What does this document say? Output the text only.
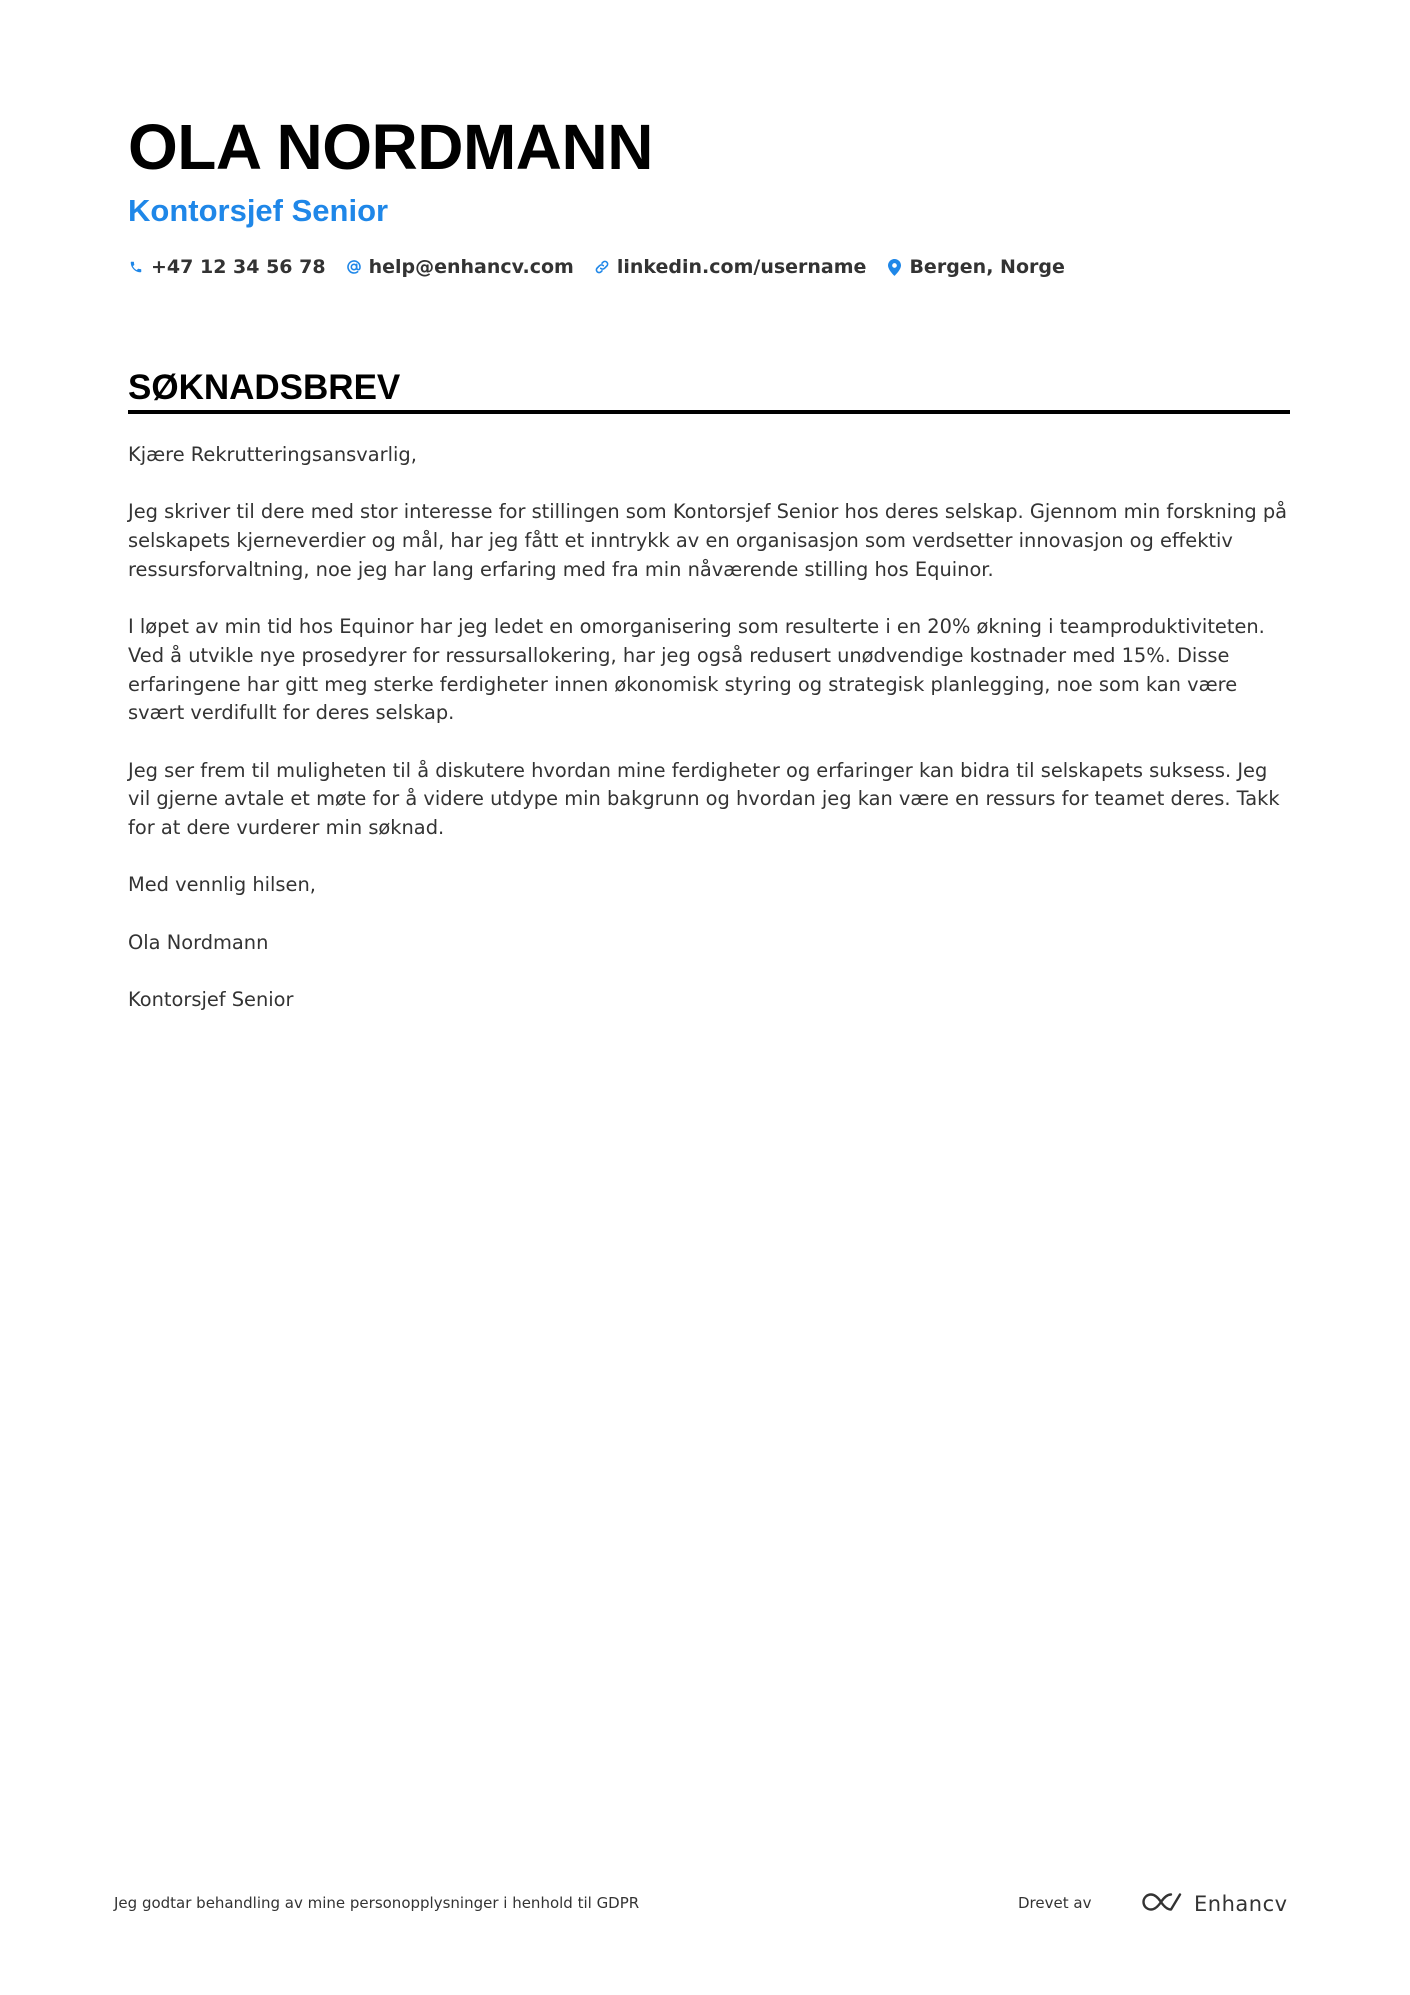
OLA NORDMANN
Kontorsjef Senior
+47 12 34 56 78 help@enhancv.com linkedin.com/username Bergen, Norge
SØKNADSBREV

Kjære Rekrutteringsansvarlig,

Jeg skriver til dere med stor interesse for stillingen som Kontorsjef Senior hos deres selskap. Gjennom min forskning på selskapets kjerneverdier og mål, har jeg fått et inntrykk av en organisasjon som verdsetter innovasjon og effektiv ressursforvaltning, noe jeg har lang erfaring med fra min nåværende stilling hos Equinor.

I løpet av min tid hos Equinor har jeg ledet en omorganisering som resulterte i en 20% økning i teamproduktiviteten. Ved å utvikle nye prosedyrer for ressursallokering, har jeg også redusert unødvendige kostnader med 15%. Disse erfaringene har gitt meg sterke ferdigheter innen økonomisk styring og strategisk planlegging, noe som kan være svært verdifullt for deres selskap.

Jeg ser frem til muligheten til å diskutere hvordan mine ferdigheter og erfaringer kan bidra til selskapets suksess. Jeg vil gjerne avtale et møte for å videre utdype min bakgrunn og hvordan jeg kan være en ressurs for teamet deres. Takk for at dere vurderer min søknad.

Med vennlig hilsen,

Ola Nordmann

Kontorsjef Senior

Jeg godtar behandling av mine personopplysninger i henhold til GDPR	Drevet av	Enhancv
